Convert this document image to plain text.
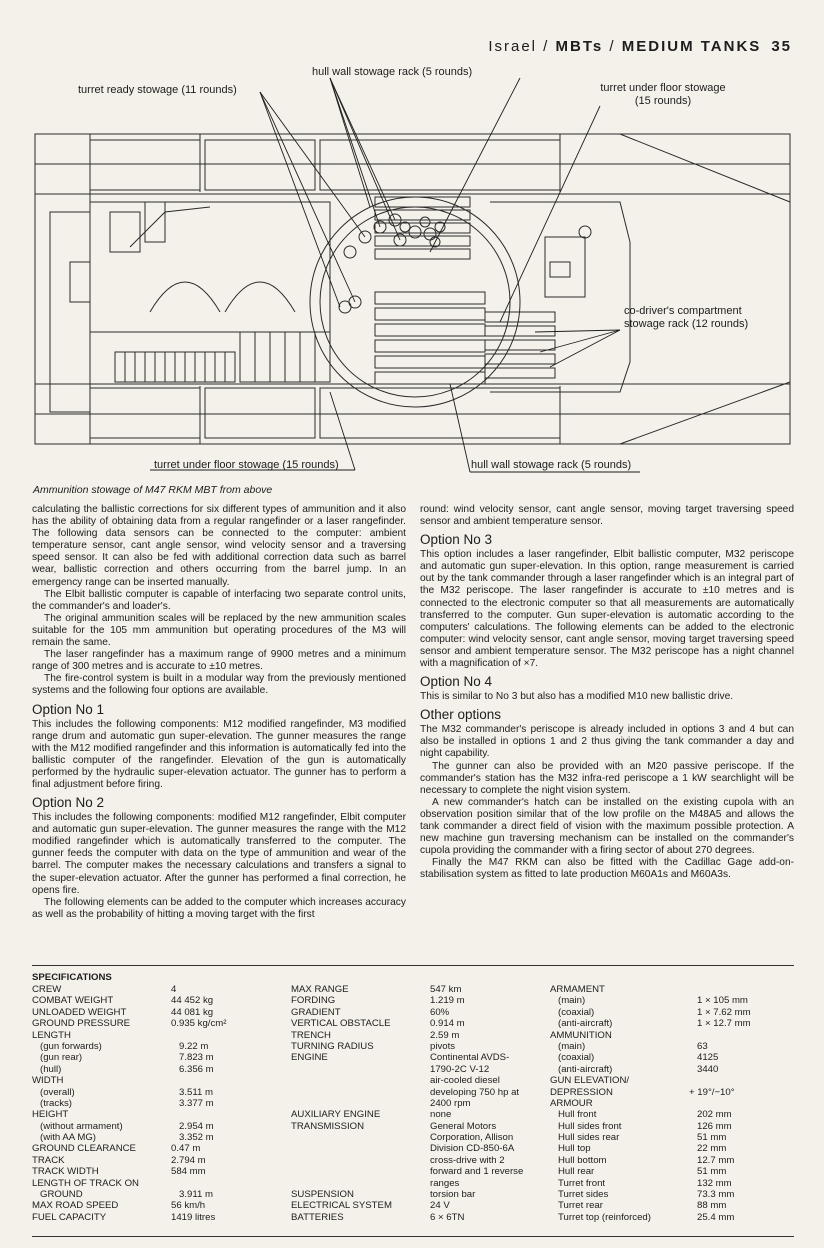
Israel / MBTs / MEDIUM TANKS 35
hull wall stowage rack (5 rounds)
turret ready stowage (11 rounds)	turret under floor stowage
(15 rounds)
co-driver's compartment
stowage rack (12 rounds)
turret under floor stowage (15 rounds)	hull wall stowage rack (5 rounds)
Ammunition stowage of M47 RKM MBT from above

calculating the ballistic corrections for six different types of ammunition and it also has the ability of obtaining data from a regular rangefinder or a laser rangefinder. The following data sensors can be connected to the computer: ambient temperature sensor, cant angle sensor, wind velocity sensor and a traversing speed sensor. It can also be fed with additional correction data such as barrel wear, ballistic correction and others occurring from the barrel jump. In an emergency range can be inserted manually.

The Elbit ballistic computer is capable of interfacing two separate control units, the commander's and loader's.

The original ammunition scales will be replaced by the new ammunition scales suitable for the 105 mm ammunition but operating procedures of the M3 will remain the same.

The laser rangefinder has a maximum range of 9900 metres and a minimum range of 300 metres and is accurate to ±10 metres.

The fire-control system is built in a modular way from the previously mentioned systems and the following four options are available.

Option No 1

This includes the following components: M12 modified rangefinder, M3 modified range drum and automatic gun super-elevation. The gunner measures the range with the M12 modified rangefinder and this information is automatically fed into the ballistic computer of the rangefinder. Elevation of the gun is automatically performed by the hydraulic super-elevation actuator. The gunner has to perform a final adjustment before firing.

Option No 2

This includes the following components: modified M12 rangefinder, Elbit computer and automatic gun super-elevation. The gunner measures the range with the M12 modified rangefinder which is automatically transferred to the computer. The gunner feeds the computer with data on the type of ammunition and wear of the barrel. The computer makes the necessary calculations and transfers a signal to the super-elevation actuator. After the gunner has performed a final correction, he opens fire.

The following elements can be added to the computer which increases accuracy as well as the probability of hitting a moving target with the first

round: wind velocity sensor, cant angle sensor, moving target traversing speed sensor and ambient temperature sensor.

Option No 3

This option includes a laser rangefinder, Elbit ballistic computer, M32 periscope and automatic gun super-elevation. In this option, range measurement is carried out by the tank commander through a laser rangefinder which is an integral part of the M32 periscope. The laser rangefinder is accurate to ±10 metres and is connected to the electronic computer so that all measurements are automatically transferred to the computer. Gun super-elevation is automatic according to the computers' calculations. The following elements can be added to the electronic computer: wind velocity sensor, cant angle sensor, moving target traversing speed sensor and ambient temperature sensor. The M32 periscope has a night channel with a magnification of ×7.

Option No 4

This is similar to No 3 but also has a modified M10 new ballistic drive.

Other options

The M32 commander's periscope is already included in options 3 and 4 but can also be installed in options 1 and 2 thus giving the tank commander a day and night capability.

The gunner can also be provided with an M20 passive periscope. If the commander's station has the M32 infra-red periscope a 1 kW searchlight will be necessary to complete the night vision system.

A new commander's hatch can be installed on the existing cupola with an observation position similar that of the low profile on the M48A5 and allows the tank commander a direct field of vision with the maximum possible protection. A new machine gun traversing mechanism can be installed on the commander's cupola providing the commander with a firing sector of about 270 degrees.

Finally the M47 RKM can also be fitted with the Cadillac Gage add-on-stabilisation system as fitted to late production M60A1s and M60A3s.

SPECIFICATIONS
CREW	4
COMBAT WEIGHT	44 452 kg
UNLOADED WEIGHT	44 081 kg
GROUND PRESSURE	0.935 kg/cm²
LENGTH
(gun forwards)	9.22 m
(gun rear)	7.823 m
(hull)	6.356 m
WIDTH
(overall)	3.511 m
(tracks)	3.377 m
HEIGHT
(without armament)	2.954 m
(with AA MG)	3.352 m
GROUND CLEARANCE	0.47 m
TRACK	2.794 m
TRACK WIDTH	584 mm
LENGTH OF TRACK ON
GROUND	3.911 m
MAX ROAD SPEED	56 km/h
FUEL CAPACITY	1419 litres
MAX RANGE	547 km
FORDING	1.219 m
GRADIENT	60%
VERTICAL OBSTACLE	0.914 m
TRENCH	2.59 m
TURNING RADIUS	pivots
ENGINE	Continental AVDS-
1790-2C V-12
air-cooled diesel
developing 750 hp at
2400 rpm
AUXILIARY ENGINE	none
TRANSMISSION	General Motors
Corporation, Allison
Division CD-850-6A
cross-drive with 2
forward and 1 reverse
ranges
SUSPENSION	torsion bar
ELECTRICAL SYSTEM	24 V
BATTERIES	6 × 6TN
ARMAMENT
(main)	1 × 105 mm
(coaxial)	1 × 7.62 mm
(anti-aircraft)	1 × 12.7 mm
AMMUNITION
(main)	63
(coaxial)	4125
(anti-aircraft)	3440
GUN ELEVATION/
DEPRESSION	+ 19°/−10°
ARMOUR
Hull front	202 mm
Hull sides front	126 mm
Hull sides rear	51 mm
Hull top	22 mm
Hull bottom	12.7 mm
Hull rear	51 mm
Turret front	132 mm
Turret sides	73.3 mm
Turret rear	88 mm
Turret top (reinforced)	25.4 mm
